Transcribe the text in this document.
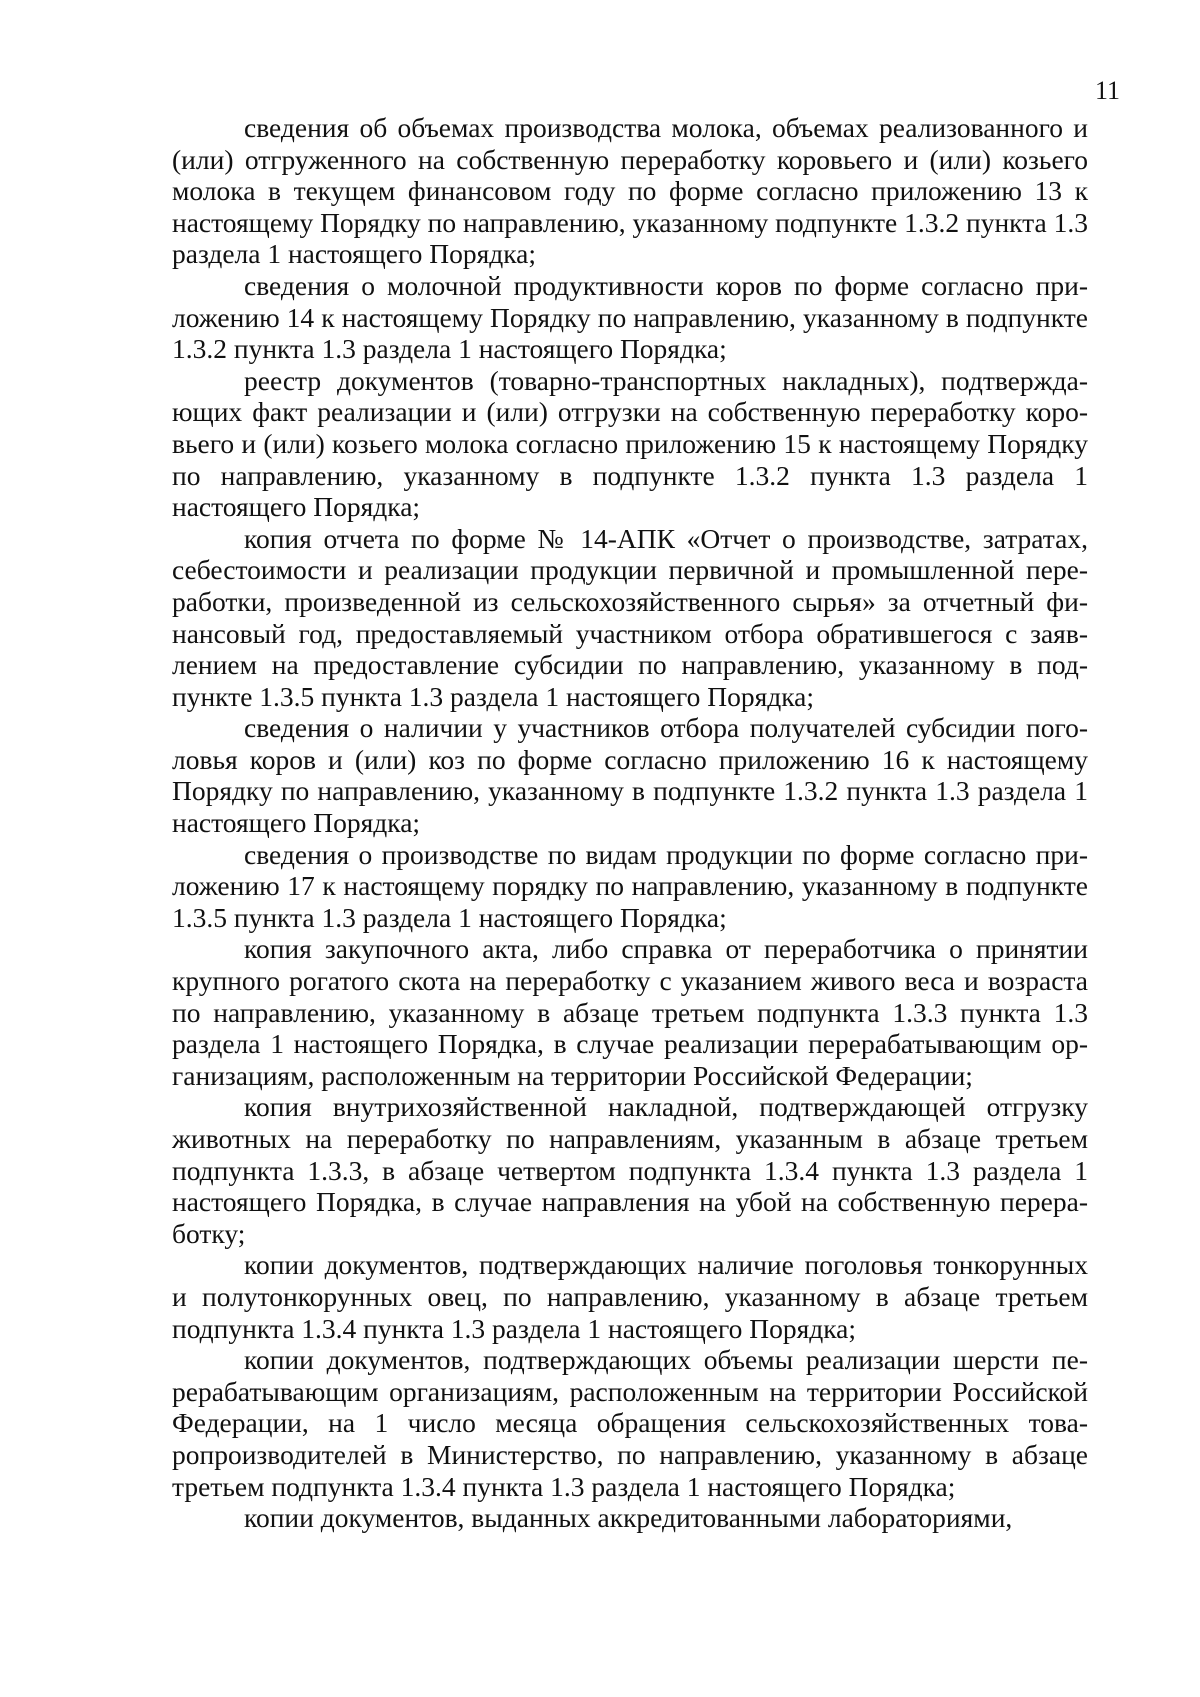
11

сведения об объемах производства молока, объемах реализованного и (или) отгруженного на собственную переработку коровьего и (или) козьего молока в текущем финансовом году по форме согласно приложению 13 к настоящему Порядку по направлению, указанному подпункте 1.3.2 пункта 1.3 раздела 1 настоящего Порядка;

сведения о молочной продуктивности коров по форме согласно приложению 14 к настоящему Порядку по направлению, указанному в подпункте 1.3.2 пункта 1.3 раздела 1 настоящего Порядка;

реестр документов (товарно-транспортных накладных), подтверждающих факт реализации и (или) отгрузки на собственную переработку коровьего и (или) козьего молока согласно приложению 15 к настоящему Порядку по направлению, указанному в подпункте 1.3.2 пункта 1.3 раздела 1 настоящего Порядка;

копия отчета по форме № 14-АПК «Отчет о производстве, затратах, себестоимости и реализации продукции первичной и промышленной переработки, произведенной из сельскохозяйственного сырья» за отчетный финансовый год, предоставляемый участником отбора обратившегося с заявлением на предоставление субсидии по направлению, указанному в подпункте 1.3.5 пункта 1.3 раздела 1 настоящего Порядка;

сведения о наличии у участников отбора получателей субсидии поголовья коров и (или) коз по форме согласно приложению 16 к настоящему Порядку по направлению, указанному в подпункте 1.3.2 пункта 1.3 раздела 1 настоящего Порядка;

сведения о производстве по видам продукции по форме согласно приложению 17 к настоящему порядку по направлению, указанному в подпункте 1.3.5 пункта 1.3 раздела 1 настоящего Порядка;

копия закупочного акта, либо справка от переработчика о принятии крупного рогатого скота на переработку с указанием живого веса и возраста по направлению, указанному в абзаце третьем подпункта 1.3.3 пункта 1.3 раздела 1 настоящего Порядка, в случае реализации перерабатывающим организациям, расположенным на территории Российской Федерации;

копия внутрихозяйственной накладной, подтверждающей отгрузку животных на переработку по направлениям, указанным в абзаце третьем подпункта 1.3.3, в абзаце четвертом подпункта 1.3.4 пункта 1.3 раздела 1 настоящего Порядка, в случае направления на убой на собственную переработку;

копии документов, подтверждающих наличие поголовья тонкорунных и полутонкорунных овец, по направлению, указанному в абзаце третьем подпункта 1.3.4 пункта 1.3 раздела 1 настоящего Порядка;

копии документов, подтверждающих объемы реализации шерсти перерабатывающим организациям, расположенным на территории Российской Федерации, на 1 число месяца обращения сельскохозяйственных товаропроизводителей в Министерство, по направлению, указанному в абзаце третьем подпункта 1.3.4 пункта 1.3 раздела 1 настоящего Порядка;

копии документов, выданных аккредитованными лабораториями,
